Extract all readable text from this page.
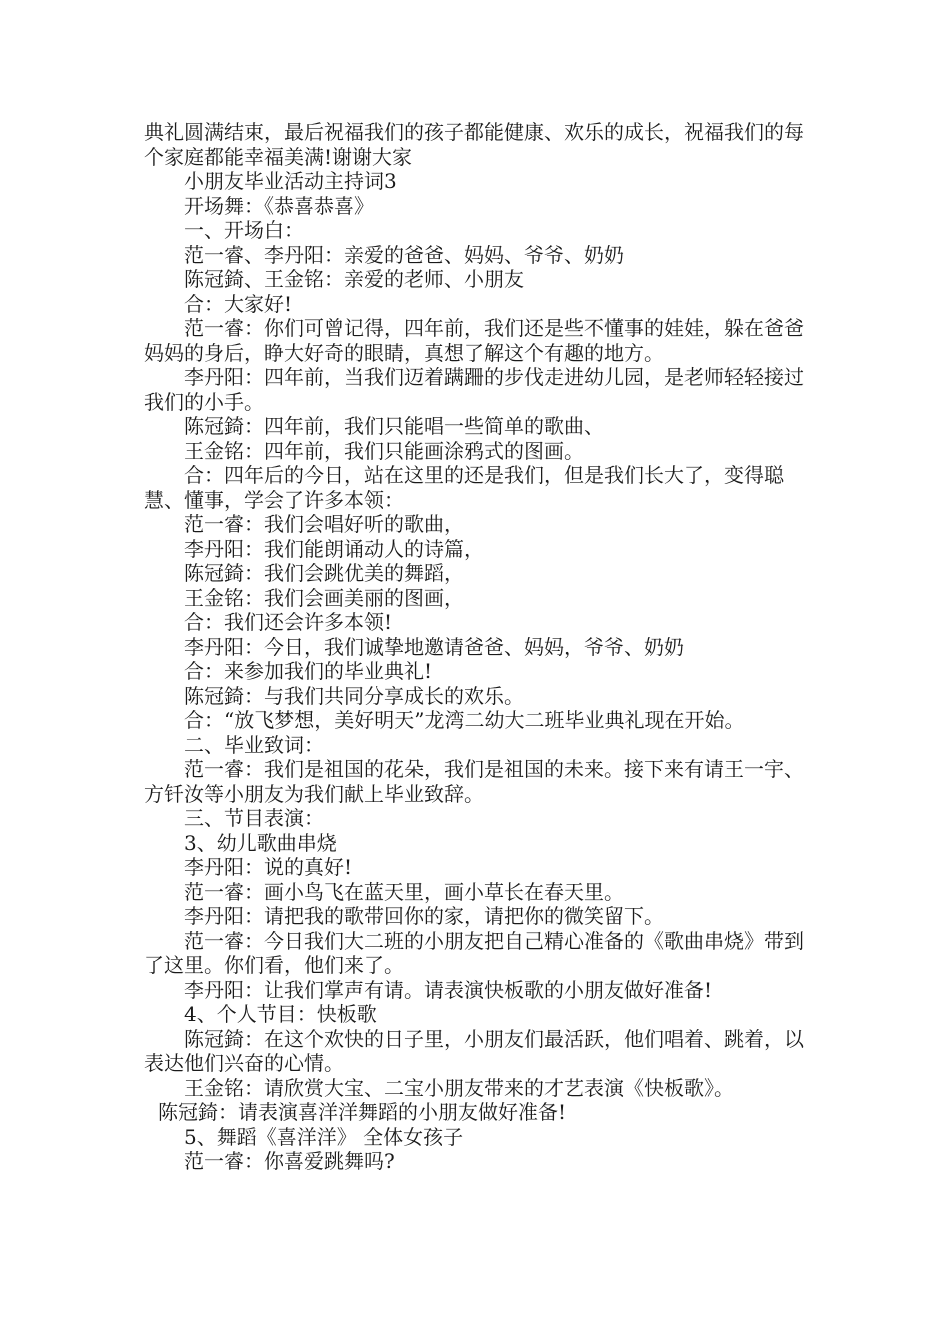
典礼圆满结束，最后祝福我们的孩子都能健康、欢乐的成长，祝福我们的每个家庭都能幸福美满!谢谢大家

小朋友毕业活动主持词3

开场舞：《恭喜恭喜》

一、开场白：

范一睿、李丹阳：亲爱的爸爸、妈妈、爷爷、奶奶

陈冠錡、王金铭：亲爱的老师、小朋友

合：大家好!

范一睿：你们可曾记得，四年前，我们还是些不懂事的娃娃，躲在爸爸妈妈的身后，睁大好奇的眼睛，真想了解这个有趣的地方。

李丹阳：四年前，当我们迈着蹒跚的步伐走进幼儿园，是老师轻轻接过我们的小手。

陈冠錡：四年前，我们只能唱一些简单的歌曲、

王金铭：四年前，我们只能画涂鸦式的图画。

合：四年后的今日，站在这里的还是我们，但是我们长大了，变得聪慧、懂事，学会了许多本领：

范一睿：我们会唱好听的歌曲，

李丹阳：我们能朗诵动人的诗篇，

陈冠錡：我们会跳优美的舞蹈，

王金铭：我们会画美丽的图画，

合：我们还会许多本领!

李丹阳：今日，我们诚挚地邀请爸爸、妈妈，爷爷、奶奶

合：来参加我们的毕业典礼!

陈冠錡：与我们共同分享成长的欢乐。

合：“放飞梦想，美好明天”龙湾二幼大二班毕业典礼现在开始。

二、毕业致词：

范一睿：我们是祖国的花朵，我们是祖国的未来。接下来有请王一宇、方钎汝等小朋友为我们献上毕业致辞。

三、节目表演：

3、幼儿歌曲串烧

李丹阳：说的真好!

范一睿：画小鸟飞在蓝天里，画小草长在春天里。

李丹阳：请把我的歌带回你的家，请把你的微笑留下。

范一睿：今日我们大二班的小朋友把自己精心准备的《歌曲串烧》带到了这里。你们看，他们来了。

李丹阳：让我们掌声有请。请表演快板歌的小朋友做好准备!

4、个人节目：快板歌

陈冠錡：在这个欢快的日子里，小朋友们最活跃，他们唱着、跳着，以表达他们兴奋的心情。

王金铭：请欣赏大宝、二宝小朋友带来的才艺表演《快板歌》。

陈冠錡：请表演喜洋洋舞蹈的小朋友做好准备!

5、舞蹈《喜洋洋》 全体女孩子

范一睿：你喜爱跳舞吗?
